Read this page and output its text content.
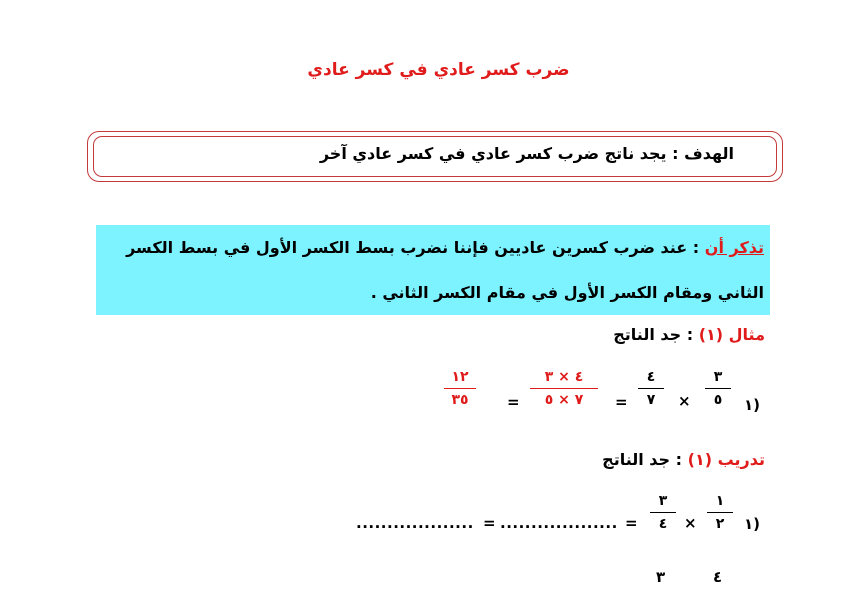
ضرب كسر عادي في كسر عادي
الهدف : يجد ناتج ضرب كسر عادي في كسر عادي آخر
تذكر أن : عند ضرب كسرين عاديين فإننا نضرب بسط الكسر الأول في بسط الكسر
الثاني ومقام الكسر الأول في مقام الكسر الثاني .
مثال (١) : جد الناتج
١)
٣
٥
×
٤
٧
=
٤ × ٣
٧ × ٥
=
١٢
٣٥
تدريب (١) : جد الناتج
١)
١
٢
×
٣
٤
=
...................
=
...................
٤
٣
